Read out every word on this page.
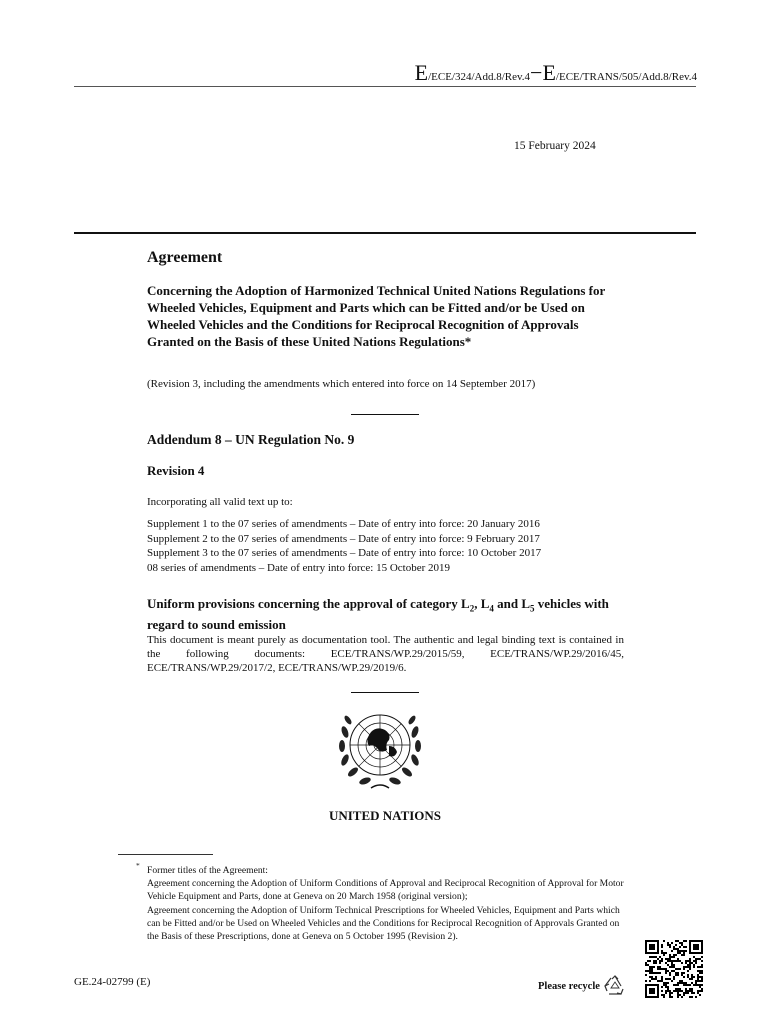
E/ECE/324/Add.8/Rev.4−E/ECE/TRANS/505/Add.8/Rev.4
15 February 2024
Agreement
Concerning the Adoption of Harmonized Technical United Nations Regulations for Wheeled Vehicles, Equipment and Parts which can be Fitted and/or be Used on Wheeled Vehicles and the Conditions for Reciprocal Recognition of Approvals Granted on the Basis of these United Nations Regulations*
(Revision 3, including the amendments which entered into force on 14 September 2017)
Addendum 8 – UN Regulation No. 9
Revision 4
Incorporating all valid text up to:
Supplement 1 to the 07 series of amendments – Date of entry into force: 20 January 2016
Supplement 2 to the 07 series of amendments – Date of entry into force: 9 February 2017
Supplement 3 to the 07 series of amendments – Date of entry into force: 10 October 2017
08 series of amendments – Date of entry into force: 15 October 2019
Uniform provisions concerning the approval of category $L_2$, $L_4$ and $L_5$ vehicles with regard to sound emission
This document is meant purely as documentation tool. The authentic and legal binding text is contained in the following documents: ECE/TRANS/WP.29/2015/59, ECE/TRANS/WP.29/2016/45, ECE/TRANS/WP.29/2017/2, ECE/TRANS/WP.29/2019/6.
UNITED NATIONS
* Former titles of the Agreement:
Agreement concerning the Adoption of Uniform Conditions of Approval and Reciprocal Recognition of Approval for Motor Vehicle Equipment and Parts, done at Geneva on 20 March 1958 (original version);
Agreement concerning the Adoption of Uniform Technical Prescriptions for Wheeled Vehicles, Equipment and Parts which can be Fitted and/or be Used on Wheeled Vehicles and the Conditions for Reciprocal Recognition of Approvals Granted on the Basis of these Prescriptions, done at Geneva on 5 October 1995 (Revision 2).
GE.24-02799 (E)	Please recycle
